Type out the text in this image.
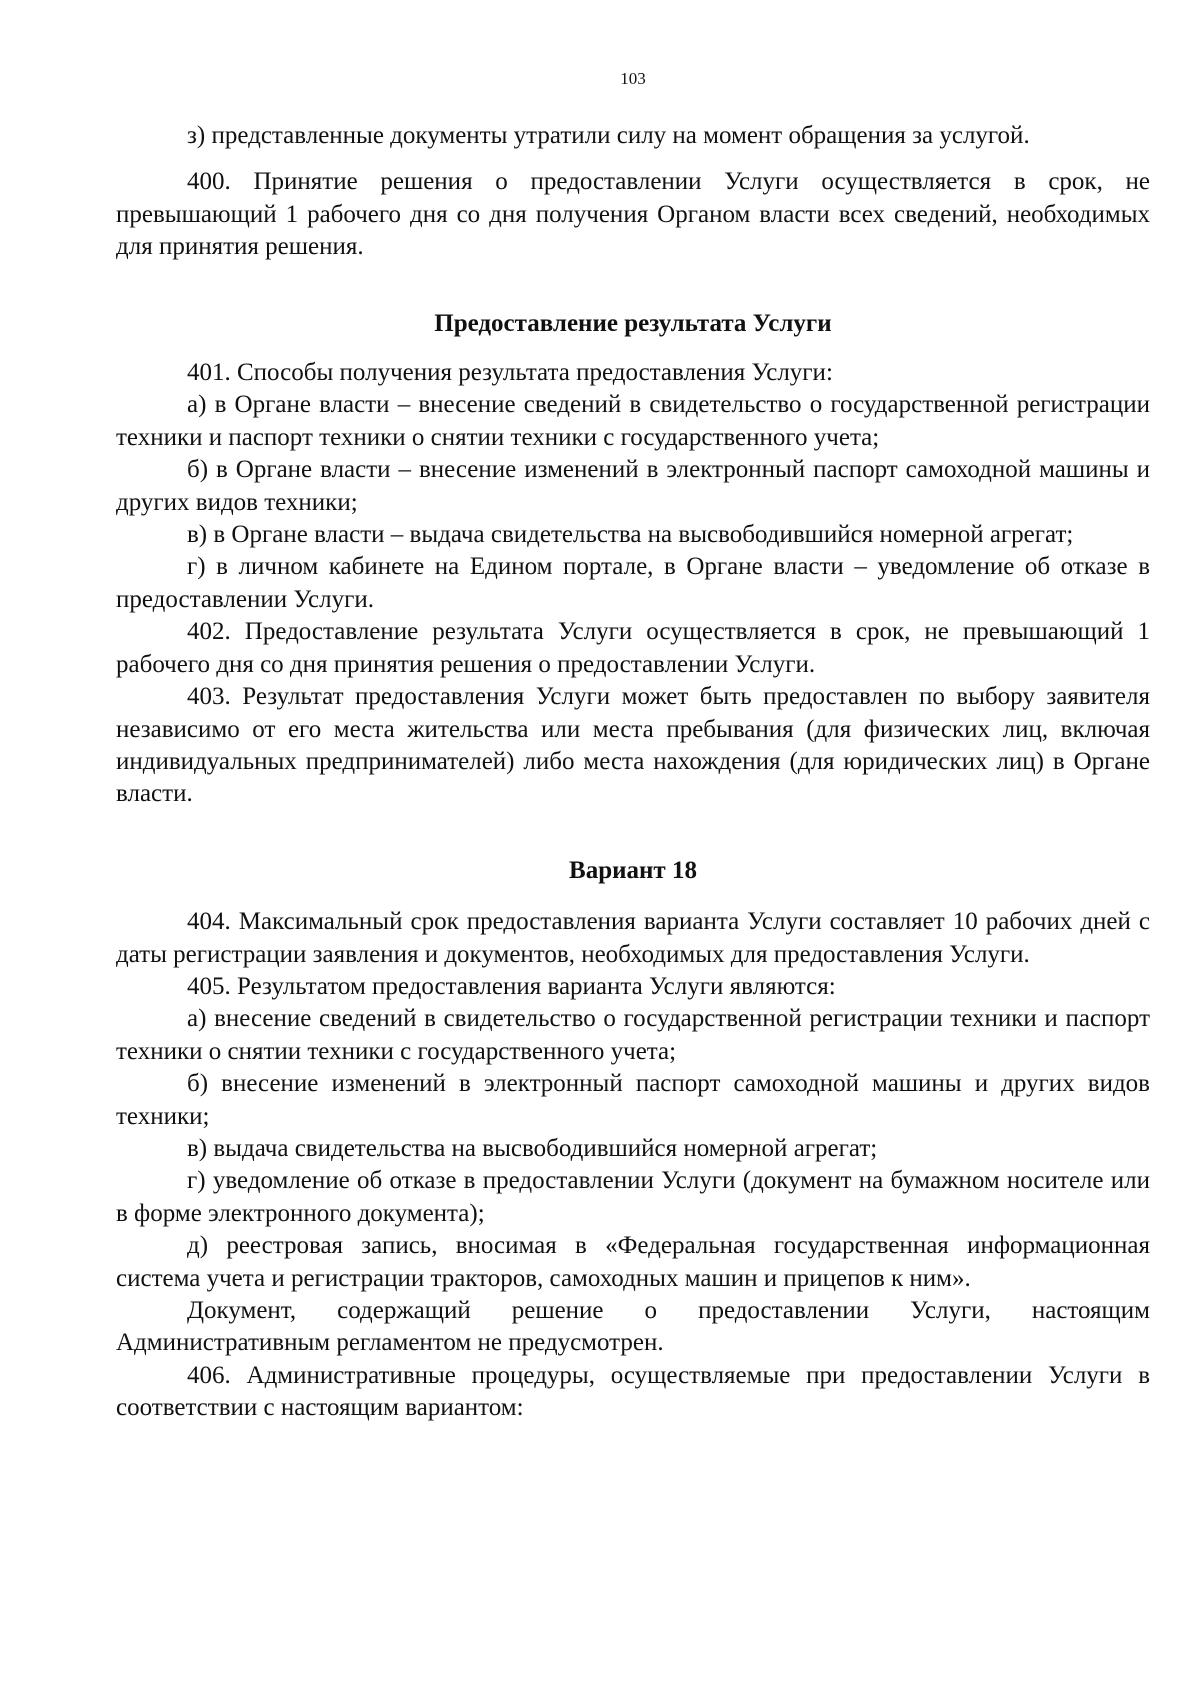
103

з) представленные документы утратили силу на момент обращения за услугой.

400. Принятие решения о предоставлении Услуги осуществляется в срок, не превышающий 1 рабочего дня со дня получения Органом власти всех сведений, необходимых для принятия решения.

Предоставление результата Услуги

401. Способы получения результата предоставления Услуги:

а) в Органе власти – внесение сведений в свидетельство о государственной регистрации техники и паспорт техники о снятии техники с государственного учета;

б) в Органе власти – внесение изменений в электронный паспорт самоходной машины и других видов техники;

в) в Органе власти – выдача свидетельства на высвободившийся номерной агрегат;

г) в личном кабинете на Едином портале, в Органе власти – уведомление об отказе в предоставлении Услуги.

402. Предоставление результата Услуги осуществляется в срок, не превышающий 1 рабочего дня со дня принятия решения о предоставлении Услуги.

403. Результат предоставления Услуги может быть предоставлен по выбору заявителя независимо от его места жительства или места пребывания (для физических лиц, включая индивидуальных предпринимателей) либо места нахождения (для юридических лиц) в Органе власти.

Вариант 18

404. Максимальный срок предоставления варианта Услуги составляет 10 рабочих дней с даты регистрации заявления и документов, необходимых для предоставления Услуги.

405. Результатом предоставления варианта Услуги являются:

а) внесение сведений в свидетельство о государственной регистрации техники и паспорт техники о снятии техники с государственного учета;

б) внесение изменений в электронный паспорт самоходной машины и других видов техники;

в) выдача свидетельства на высвободившийся номерной агрегат;

г) уведомление об отказе в предоставлении Услуги (документ на бумажном носителе или в форме электронного документа);

д) реестровая запись, вносимая в «Федеральная государственная информационная система учета и регистрации тракторов, самоходных машин и прицепов к ним».

Документ, содержащий решение о предоставлении Услуги, настоящим Административным регламентом не предусмотрен.

406. Административные процедуры, осуществляемые при предоставлении Услуги в соответствии с настоящим вариантом:
